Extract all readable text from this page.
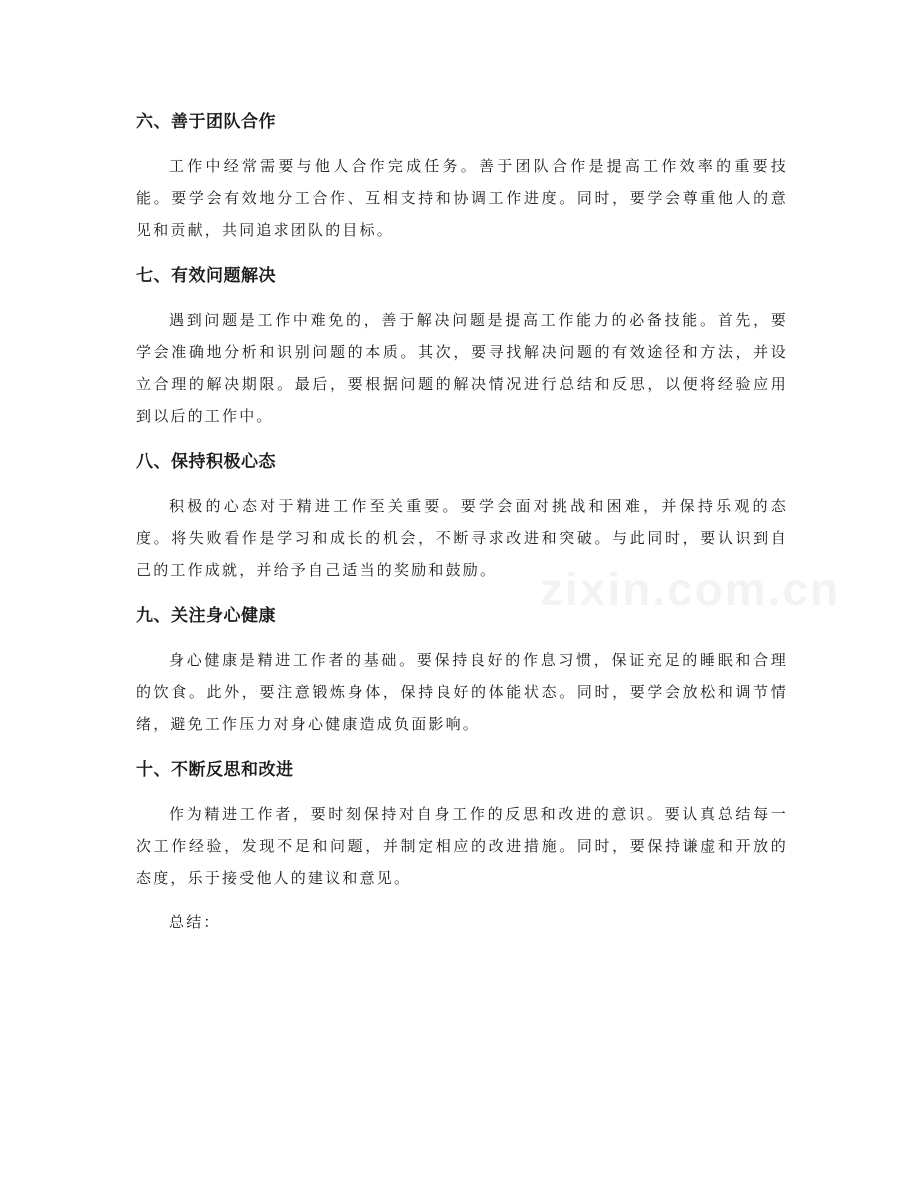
六、善于团队合作

工作中经常需要与他人合作完成任务。善于团队合作是提高工作效率的重要技能。要学会有效地分工合作、互相支持和协调工作进度。同时，要学会尊重他人的意见和贡献，共同追求团队的目标。

七、有效问题解决

遇到问题是工作中难免的，善于解决问题是提高工作能力的必备技能。首先，要学会准确地分析和识别问题的本质。其次，要寻找解决问题的有效途径和方法，并设立合理的解决期限。最后，要根据问题的解决情况进行总结和反思，以便将经验应用到以后的工作中。

八、保持积极心态

积极的心态对于精进工作至关重要。要学会面对挑战和困难，并保持乐观的态度。将失败看作是学习和成长的机会，不断寻求改进和突破。与此同时，要认识到自己的工作成就，并给予自己适当的奖励和鼓励。

九、关注身心健康

身心健康是精进工作者的基础。要保持良好的作息习惯，保证充足的睡眠和合理的饮食。此外，要注意锻炼身体，保持良好的体能状态。同时，要学会放松和调节情绪，避免工作压力对身心健康造成负面影响。

十、不断反思和改进

作为精进工作者，要时刻保持对自身工作的反思和改进的意识。要认真总结每一次工作经验，发现不足和问题，并制定相应的改进措施。同时，要保持谦虚和开放的态度，乐于接受他人的建议和意见。

总结：

zixin.com.cn
